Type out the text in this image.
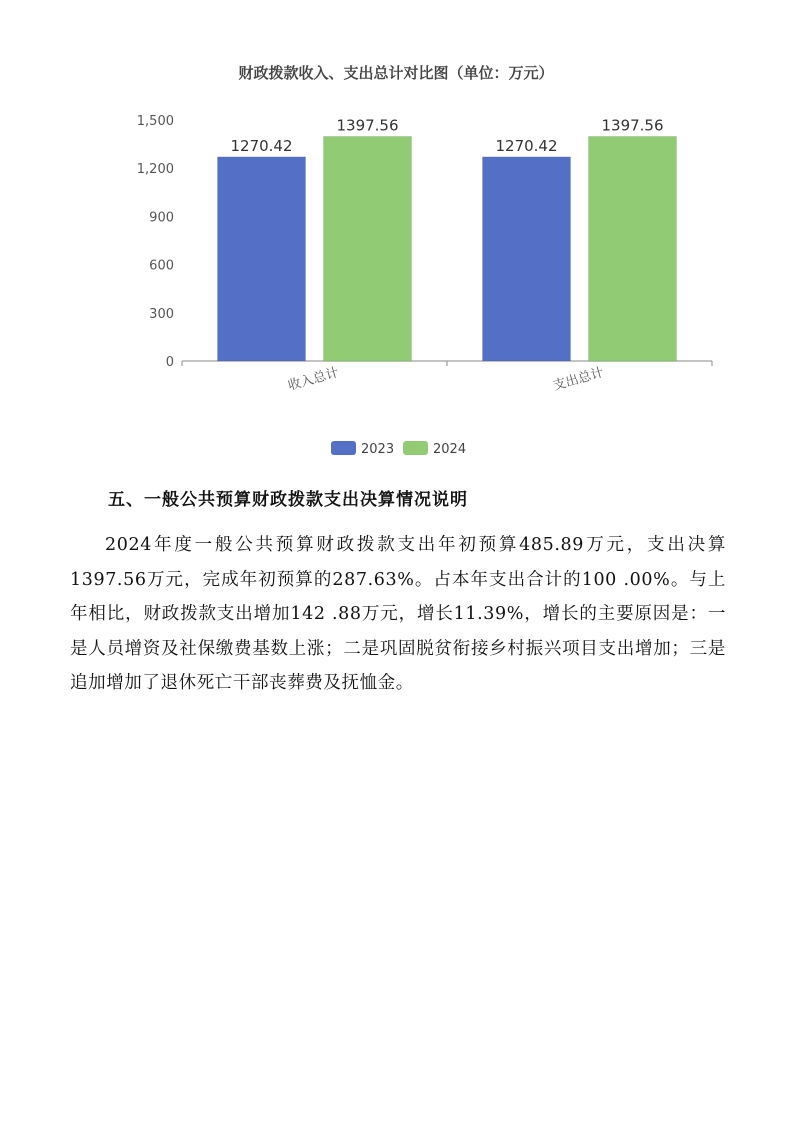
财政拨款收入、支出总计对比图（单位：万元）
0
300
600
900
1,200
1,500
收入总计	支出总计
1270.42
1397.56
1270.42
1397.56
2023	2024
五、一般公共预算财政拨款支出决算情况说明

2024年度一般公共预算财政拨款支出年初预算485.89万元，支出决算1397.56万元，完成年初预算的287.63%。占本年支出合计的100 .00%。与上年相比，财政拨款支出增加142 .88万元，增长11.39%，增长的主要原因是：一是人员增资及社保缴费基数上涨；二是巩固脱贫衔接乡村振兴项目支出增加；三是追加增加了退休死亡干部丧葬费及抚恤金。
